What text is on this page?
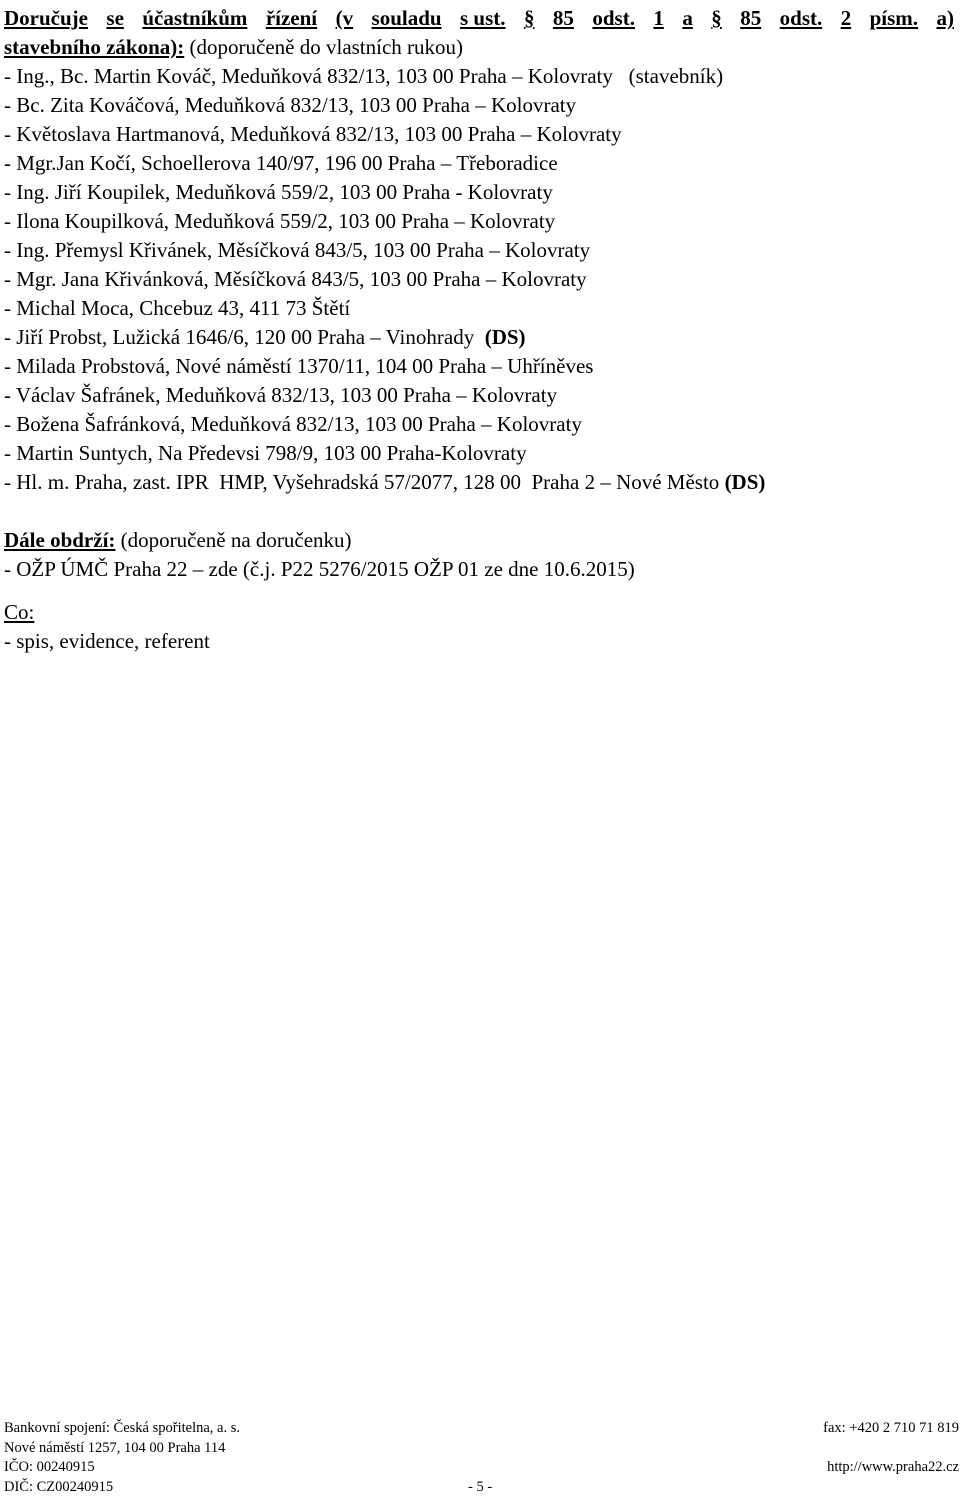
Doručuje se účastníkům řízení (v souladu s ust. § 85 odst. 1 a § 85 odst. 2 písm. a)
stavebního zákona): (doporučeně do vlastních rukou)
- Ing., Bc. Martin Kováč, Meduňková 832/13, 103 00 Praha – Kolovraty   (stavebník)
- Bc. Zita Kováčová, Meduňková 832/13, 103 00 Praha – Kolovraty
- Květoslava Hartmanová, Meduňková 832/13, 103 00 Praha – Kolovraty
- Mgr.Jan Kočí, Schoellerova 140/97, 196 00 Praha – Třeboradice
- Ing. Jiří Koupilek, Meduňková 559/2, 103 00 Praha - Kolovraty
- Ilona Koupilková, Meduňková 559/2, 103 00 Praha – Kolovraty
- Ing. Přemysl Křivánek, Měsíčková 843/5, 103 00 Praha – Kolovraty
- Mgr. Jana Křivánková, Měsíčková 843/5, 103 00 Praha – Kolovraty
- Michal Moca, Chcebuz 43, 411 73 Štětí
- Jiří Probst, Lužická 1646/6, 120 00 Praha – Vinohrady  (DS)
- Milada Probstová, Nové náměstí 1370/11, 104 00 Praha – Uhříněves
- Václav Šafránek, Meduňková 832/13, 103 00 Praha – Kolovraty
- Božena Šafránková, Meduňková 832/13, 103 00 Praha – Kolovraty
- Martin Suntych, Na Předevsi 798/9, 103 00 Praha-Kolovraty
- Hl. m. Praha, zast. IPR  HMP, Vyšehradská 57/2077, 128 00  Praha 2 – Nové Město (DS)
Dále obdrží: (doporučeně na doručenku)
- OŽP ÚMČ Praha 22 – zde (č.j. P22 5276/2015 OŽP 01 ze dne 10.6.2015)
Co:
- spis, evidence, referent
Bankovní spojení: Česká spořitelna, a. s.	fax: +420 2 710 71 819
Nové náměstí 1257, 104 00 Praha 114
IČO: 00240915	http://www.praha22.cz
DIČ: CZ00240915	- 5 -
